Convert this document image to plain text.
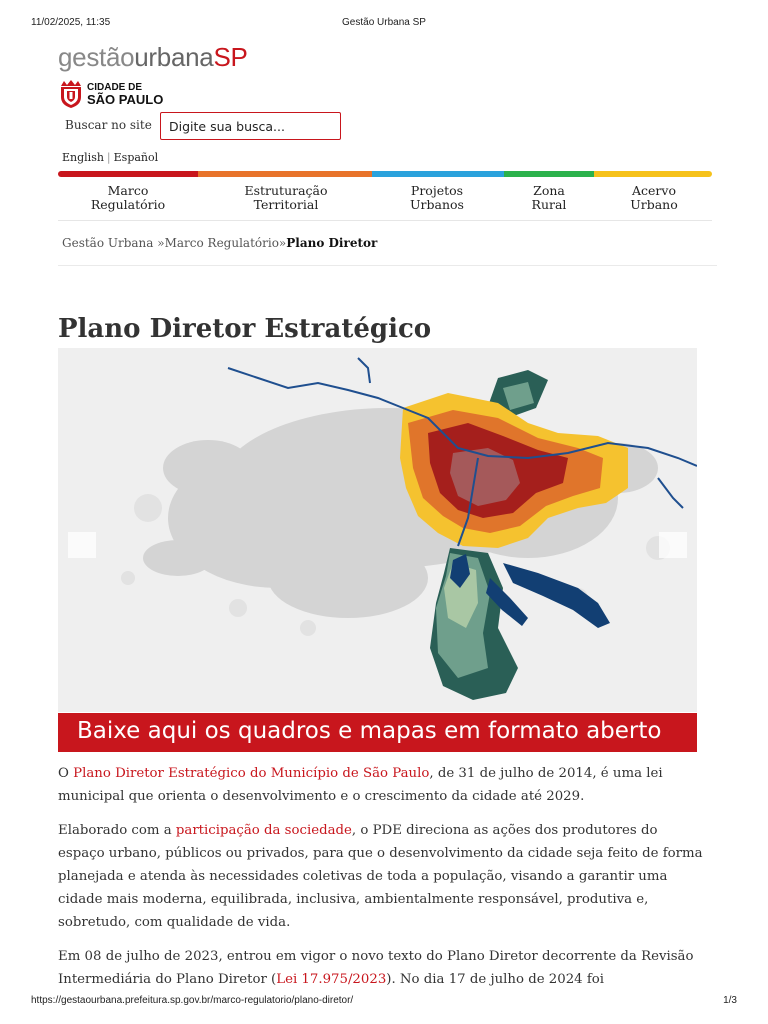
11/02/2025, 11:35	Gestão Urbana SP
gestãourbanaSP
CIDADE DE
SÃO PAULO
Buscar no site
Digite sua busca...
English | Español
Marco
Regulatório
Estruturação
Territorial
Projetos
Urbanos
Zona
Rural
Acervo
Urbano
Gestão Urbana »Marco Regulatório»Plano Diretor
Plano Diretor Estratégico
Baixe aqui os quadros e mapas em formato aberto

O Plano Diretor Estratégico do Município de São Paulo, de 31 de julho de 2014, é uma lei municipal que orienta o desenvolvimento e o crescimento da cidade até 2029.

Elaborado com a participação da sociedade, o PDE direciona as ações dos produtores do espaço urbano, públicos ou privados, para que o desenvolvimento da cidade seja feito de forma planejada e atenda às necessidades coletivas de toda a população, visando a garantir uma cidade mais moderna, equilibrada, inclusiva, ambientalmente responsável, produtiva e, sobretudo, com qualidade de vida.

Em 08 de julho de 2023, entrou em vigor o novo texto do Plano Diretor decorrente da Revisão Intermediária do Plano Diretor (Lei 17.975/2023). No dia 17 de julho de 2024 foi

https://gestaourbana.prefeitura.sp.gov.br/marco-regulatorio/plano-diretor/	1/3
